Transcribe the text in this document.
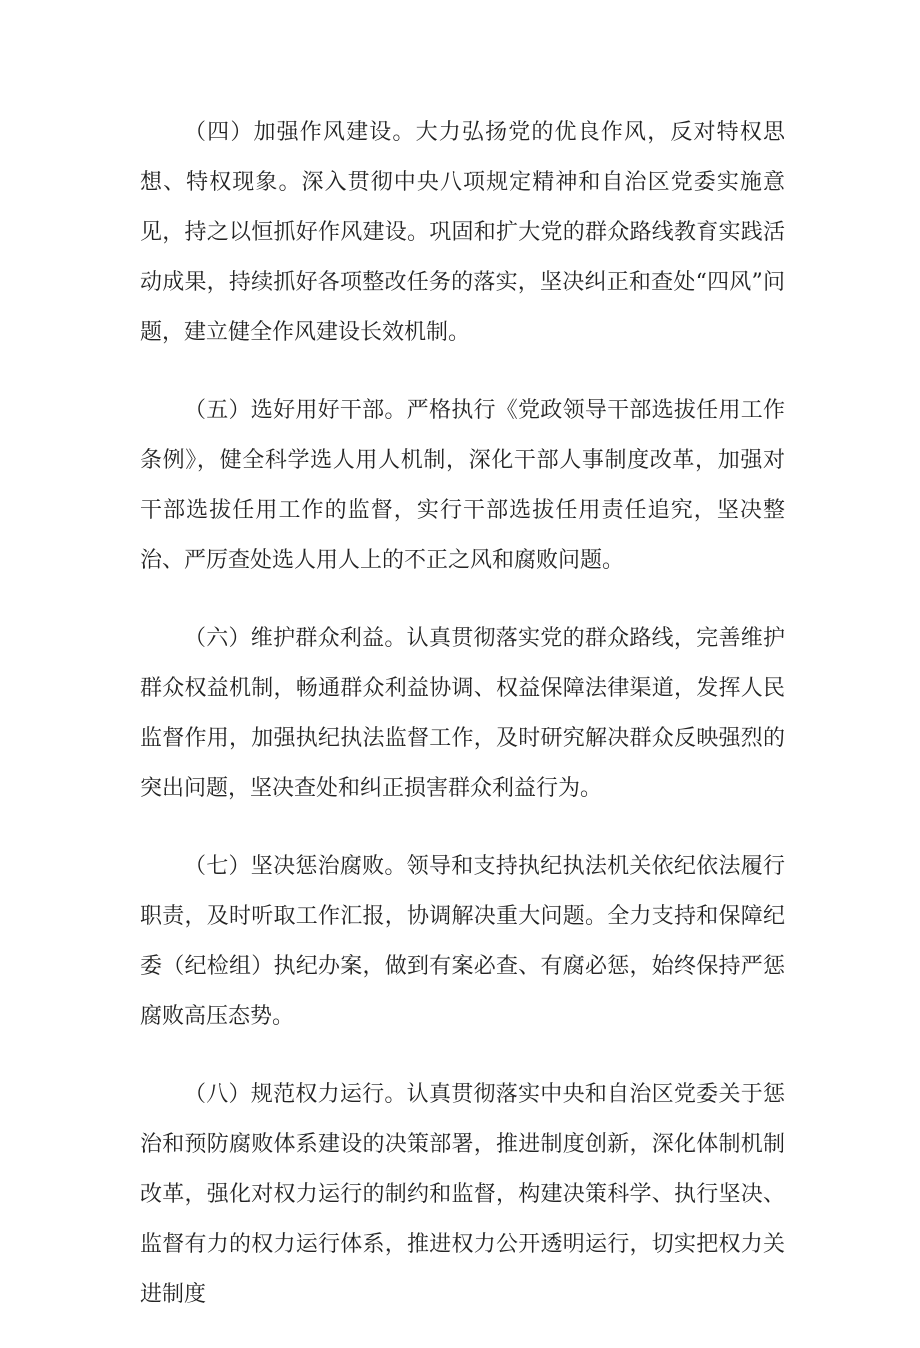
（四）加强作风建设。大力弘扬党的优良作风，反对特权思想、特权现象。深入贯彻中央八项规定精神和自治区党委实施意见，持之以恒抓好作风建设。巩固和扩大党的群众路线教育实践活动成果，持续抓好各项整改任务的落实，坚决纠正和查处“四风”问题，建立健全作风建设长效机制。

（五）选好用好干部。严格执行《党政领导干部选拔任用工作条例》，健全科学选人用人机制，深化干部人事制度改革，加强对干部选拔任用工作的监督，实行干部选拔任用责任追究，坚决整治、严厉查处选人用人上的不正之风和腐败问题。

（六）维护群众利益。认真贯彻落实党的群众路线，完善维护群众权益机制，畅通群众利益协调、权益保障法律渠道，发挥人民监督作用，加强执纪执法监督工作，及时研究解决群众反映强烈的突出问题，坚决查处和纠正损害群众利益行为。

（七）坚决惩治腐败。领导和支持执纪执法机关依纪依法履行职责，及时听取工作汇报，协调解决重大问题。全力支持和保障纪委（纪检组）执纪办案，做到有案必查、有腐必惩，始终保持严惩腐败高压态势。

（八）规范权力运行。认真贯彻落实中央和自治区党委关于惩治和预防腐败体系建设的决策部署，推进制度创新，深化体制机制改革，强化对权力运行的制约和监督，构建决策科学、执行坚决、监督有力的权力运行体系，推进权力公开透明运行，切实把权力关进制度
